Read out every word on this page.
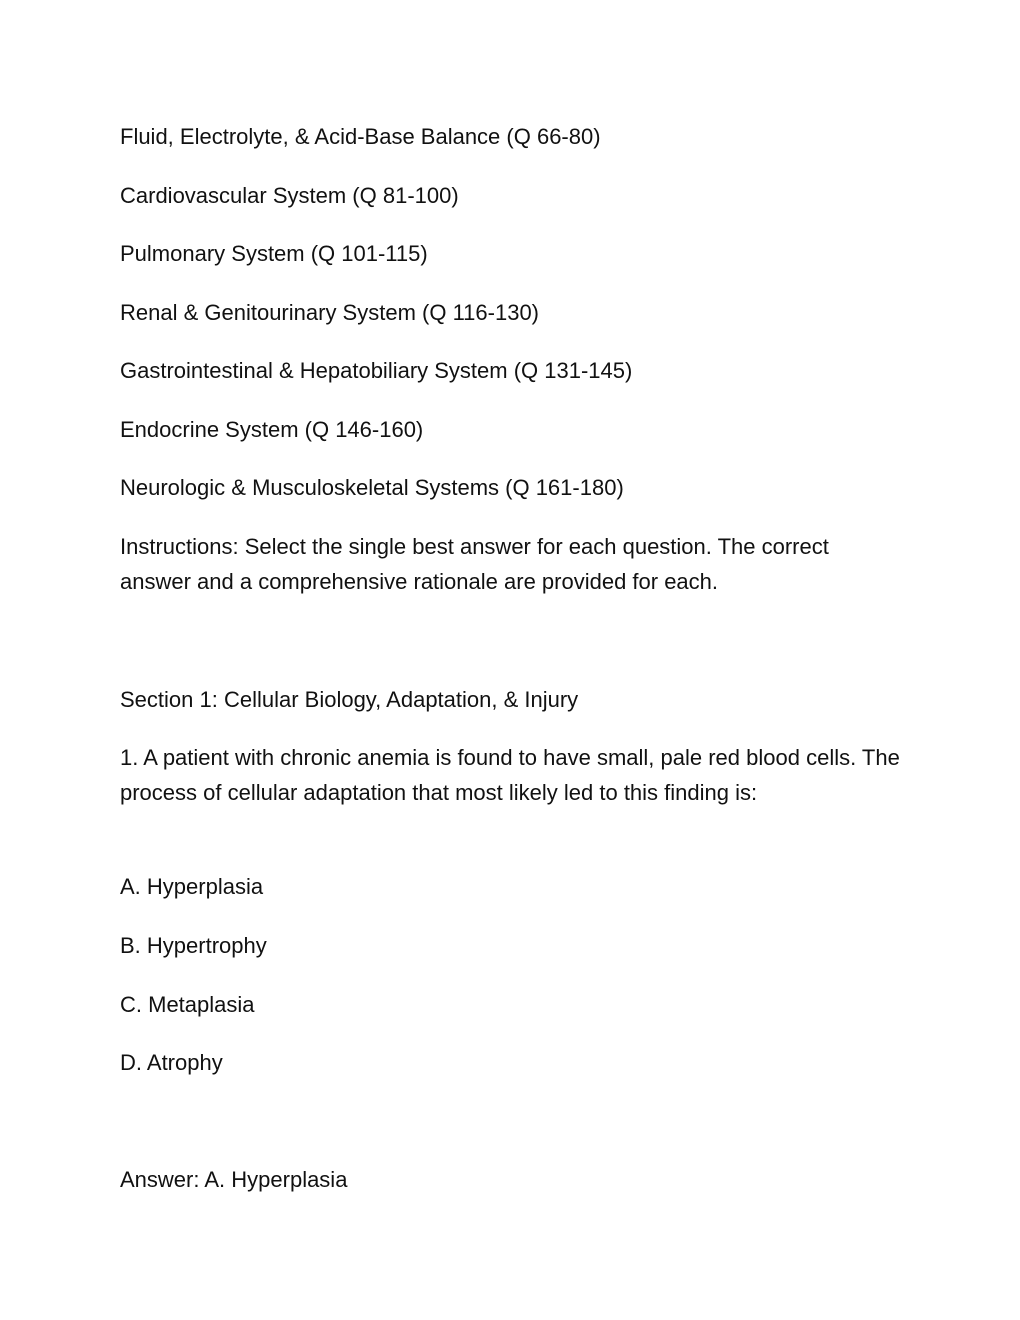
Fluid, Electrolyte, & Acid-Base Balance (Q 66-80)

Cardiovascular System (Q 81-100)

Pulmonary System (Q 101-115)

Renal & Genitourinary System (Q 116-130)

Gastrointestinal & Hepatobiliary System (Q 131-145)

Endocrine System (Q 146-160)

Neurologic & Musculoskeletal Systems (Q 161-180)

Instructions: Select the single best answer for each question. The correct answer and a comprehensive rationale are provided for each.

Section 1: Cellular Biology, Adaptation, & Injury

1. A patient with chronic anemia is found to have small, pale red blood cells. The process of cellular adaptation that most likely led to this finding is:

A. Hyperplasia

B. Hypertrophy

C. Metaplasia

D. Atrophy

Answer: A. Hyperplasia
